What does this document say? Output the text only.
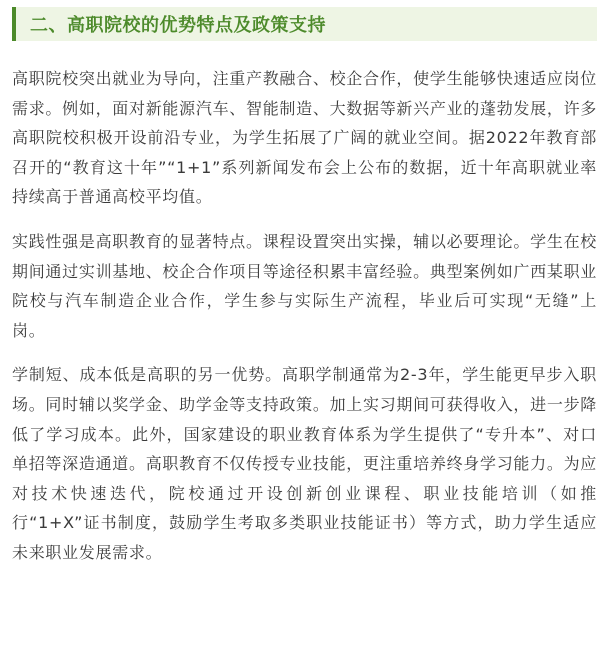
二、高职院校的优势特点及政策支持

高职院校突出就业为导向，注重产教融合、校企合作，使学生能够快速适应岗位需求。例如，面对新能源汽车、智能制造、大数据等新兴产业的蓬勃发展，许多高职院校积极开设前沿专业，为学生拓展了广阔的就业空间。据2022年教育部召开的“教育这十年”“1+1”系列新闻发布会上公布的数据，近十年高职就业率持续高于普通高校平均值。

实践性强是高职教育的显著特点。课程设置突出实操，辅以必要理论。学生在校期间通过实训基地、校企合作项目等途径积累丰富经验。典型案例如广西某职业院校与汽车制造企业合作，学生参与实际生产流程，毕业后可实现“无缝”上岗。

学制短、成本低是高职的另一优势。高职学制通常为2-3年，学生能更早步入职场。同时辅以奖学金、助学金等支持政策。加上实习期间可获得收入，进一步降低了学习成本。此外，国家建设的职业教育体系为学生提供了“专升本”、对口单招等深造通道。高职教育不仅传授专业技能，更注重培养终身学习能力。为应对技术快速迭代，院校通过开设创新创业课程、职业技能培训（如推行“1+X”证书制度，鼓励学生考取多类职业技能证书）等方式，助力学生适应未来职业发展需求。
